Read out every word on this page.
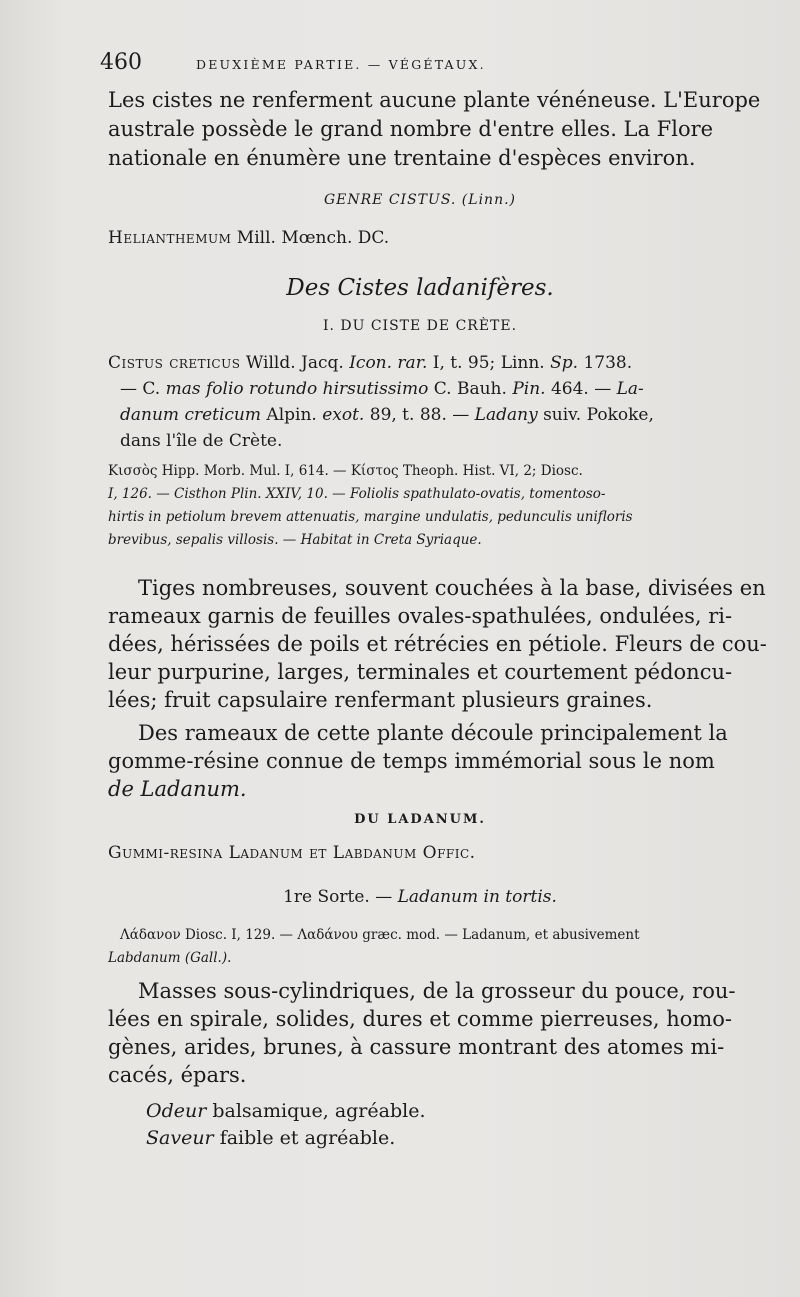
460	DEUXIÈME PARTIE. — VÉGÉTAUX.
Les cistes ne renferment aucune plante vénéneuse. L'Europe
australe possède le grand nombre d'entre elles. La Flore
nationale en énumère une trentaine d'espèces environ.
GENRE CISTUS. (Linn.)
Helianthemum Mill. Mœnch. DC.
Des Cistes ladanifères.
I. DU CISTE DE CRÈTE.
Cistus creticus Willd. Jacq. Icon. rar. I, t. 95; Linn. Sp. 1738.
— C. mas folio rotundo hirsutissimo C. Bauh. Pin. 464. — La-
danum creticum Alpin. exot. 89, t. 88. — Ladany suiv. Pokoke,
dans l'île de Crète.
Κισσὸς Hipp. Morb. Mul. I, 614. — Κίστος Theoph. Hist. VI, 2; Diosc.
I, 126. — Cisthon Plin. XXIV, 10. — Foliolis spathulato-ovatis, tomentoso-
hirtis in petiolum brevem attenuatis, margine undulatis, pedunculis unifloris
brevibus, sepalis villosis. — Habitat in Creta Syriaque.
Tiges nombreuses, souvent couchées à la base, divisées en
rameaux garnis de feuilles ovales-spathulées, ondulées, ri-
dées, hérissées de poils et rétrécies en pétiole. Fleurs de cou-
leur purpurine, larges, terminales et courtement pédoncu-
lées; fruit capsulaire renfermant plusieurs graines.
Des rameaux de cette plante découle principalement la
gomme-résine connue de temps immémorial sous le nom
de Ladanum.
DU LADANUM.
Gummi-resina Ladanum et Labdanum Offic.
1re Sorte. — Ladanum in tortis.
Λάδανον Diosc. I, 129. — Λαδάνου græc. mod. — Ladanum, et abusivement
Labdanum (Gall.).
Masses sous-cylindriques, de la grosseur du pouce, rou-
lées en spirale, solides, dures et comme pierreuses, homo-
gènes, arides, brunes, à cassure montrant des atomes mi-
cacés, épars.
Odeur balsamique, agréable.
Saveur faible et agréable.
